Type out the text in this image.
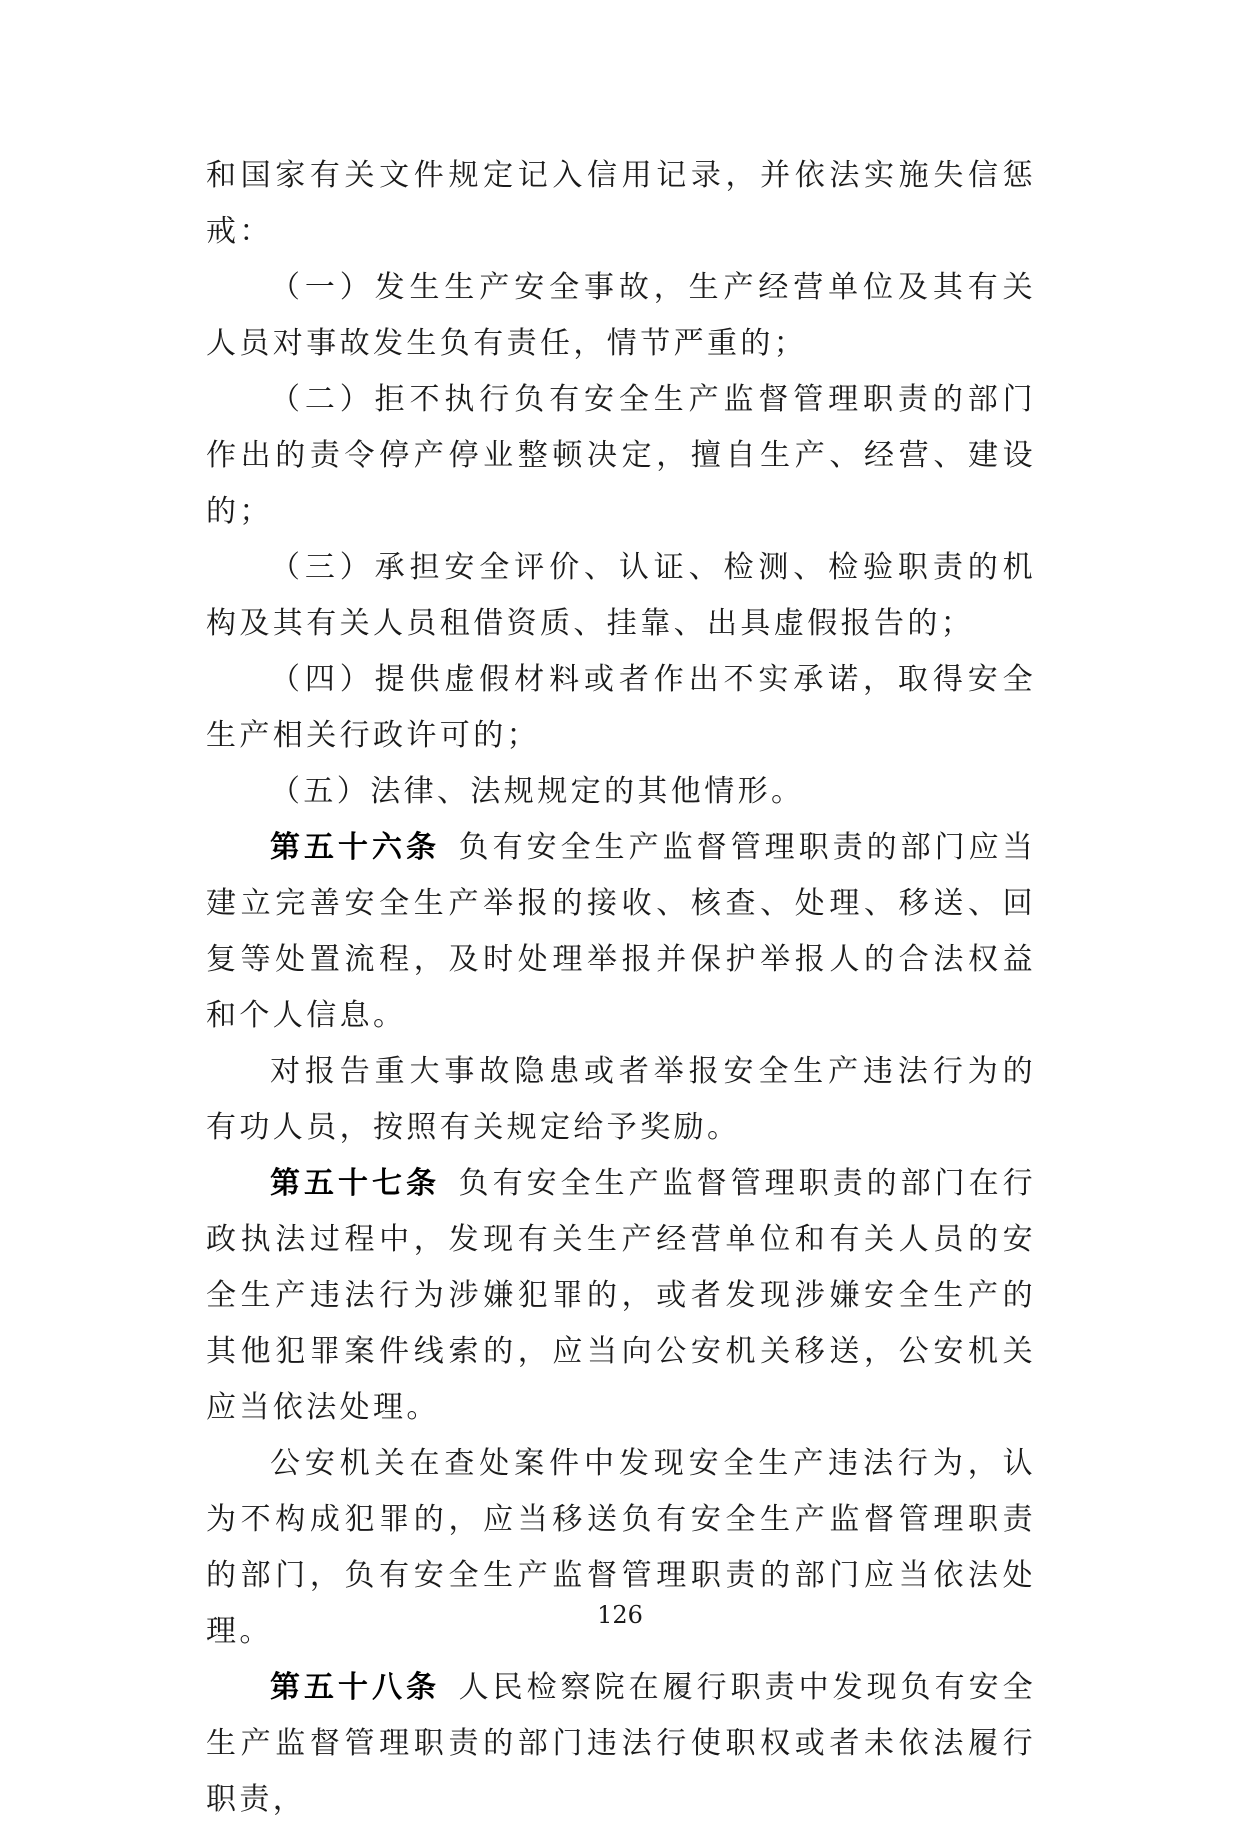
和国家有关文件规定记入信用记录，并依法实施失信惩戒：

（一）发生生产安全事故，生产经营单位及其有关人员对事故发生负有责任，情节严重的；

（二）拒不执行负有安全生产监督管理职责的部门作出的责令停产停业整顿决定，擅自生产、经营、建设的；

（三）承担安全评价、认证、检测、检验职责的机构及其有关人员租借资质、挂靠、出具虚假报告的；

（四）提供虚假材料或者作出不实承诺，取得安全生产相关行政许可的；

（五）法律、法规规定的其他情形。

第五十六条 负有安全生产监督管理职责的部门应当建立完善安全生产举报的接收、核查、处理、移送、回复等处置流程，及时处理举报并保护举报人的合法权益和个人信息。

对报告重大事故隐患或者举报安全生产违法行为的有功人员，按照有关规定给予奖励。

第五十七条 负有安全生产监督管理职责的部门在行政执法过程中，发现有关生产经营单位和有关人员的安全生产违法行为涉嫌犯罪的，或者发现涉嫌安全生产的其他犯罪案件线索的，应当向公安机关移送，公安机关应当依法处理。

公安机关在查处案件中发现安全生产违法行为，认为不构成犯罪的，应当移送负有安全生产监督管理职责的部门，负有安全生产监督管理职责的部门应当依法处理。

第五十八条 人民检察院在履行职责中发现负有安全生产监督管理职责的部门违法行使职权或者未依法履行职责，

126
